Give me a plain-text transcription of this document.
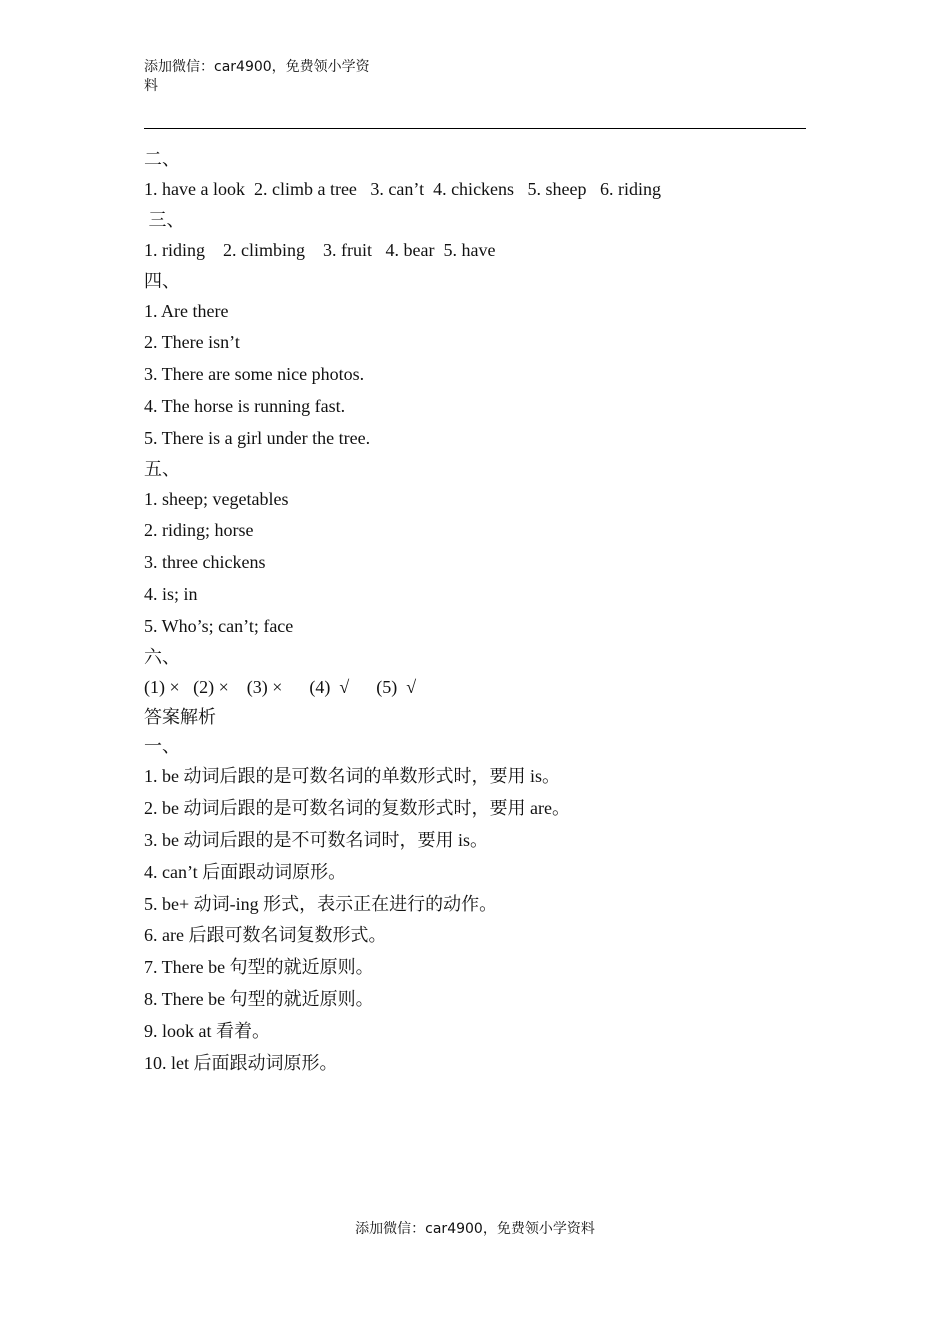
添加微信：car4900，免费领小学资
料
二、
1. have a look  2. climb a tree   3. can’t  4. chickens   5. sheep   6. riding
三、
1. riding    2. climbing    3. fruit   4. bear  5. have
四、
1. Are there
2. There isn’t
3. There are some nice photos.
4. The horse is running fast.
5. There is a girl under the tree.
五、
1. sheep; vegetables
2. riding; horse
3. three chickens
4. is; in
5. Who’s; can’t; face
六、
(1) ×   (2) ×    (3) ×      (4)  √      (5)  √
答案解析
一、
1. be 动词后跟的是可数名词的单数形式时，要用 is。
2. be 动词后跟的是可数名词的复数形式时，要用 are。
3. be 动词后跟的是不可数名词时，要用 is。
4. can’t 后面跟动词原形。
5. be+ 动词-ing 形式，表示正在进行的动作。
6. are 后跟可数名词复数形式。
7. There be 句型的就近原则。
8. There be 句型的就近原则。
9. look at 看着。
10. let 后面跟动词原形。
添加微信：car4900，免费领小学资料
